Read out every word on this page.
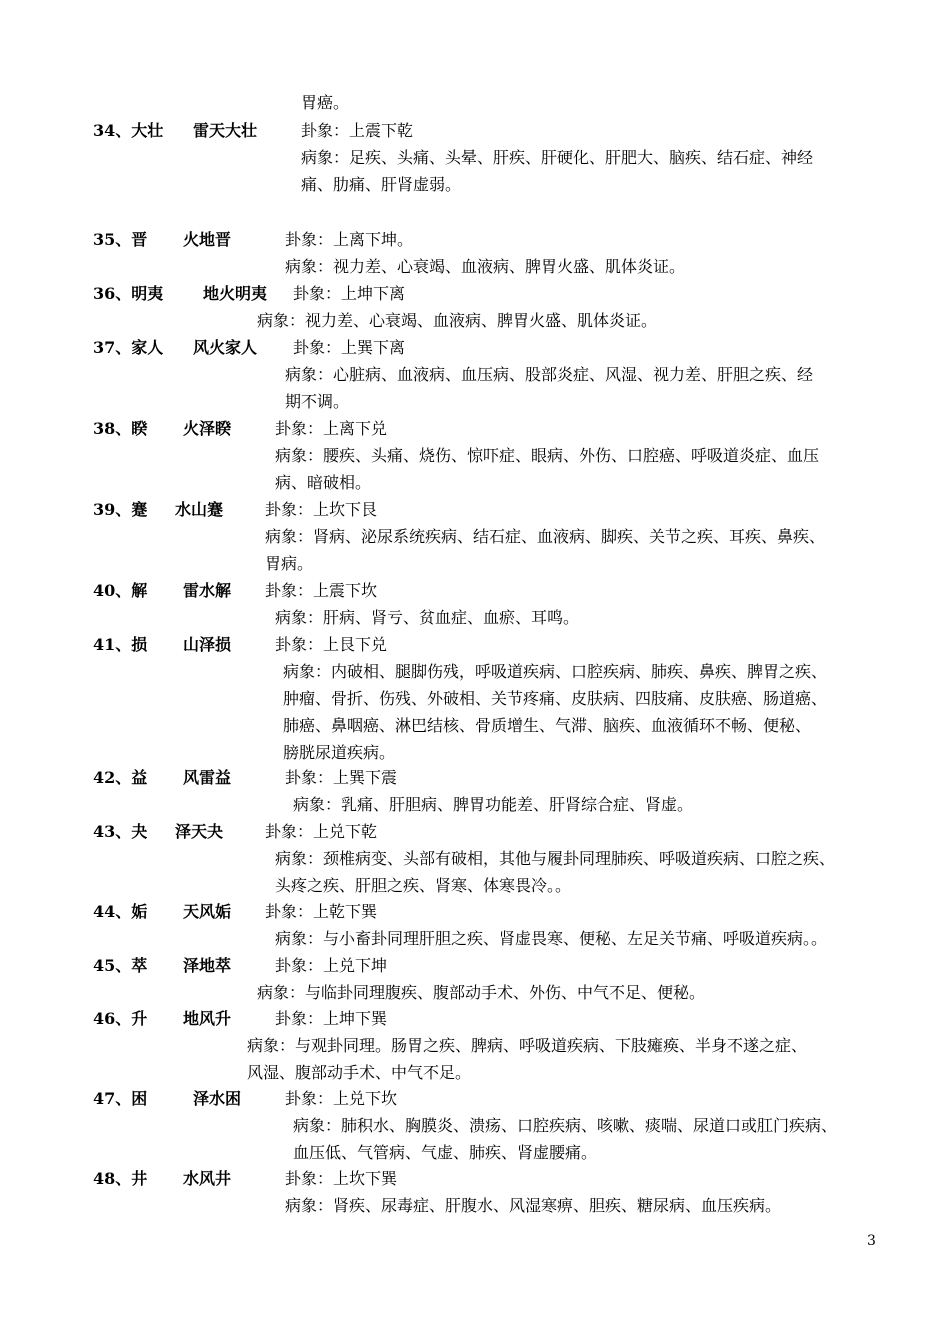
胃癌。
34、大壮 雷天大壮	卦象：上震下乾
病象：足疾、头痛、头晕、肝疾、肝硬化、肝肥大、脑疾、结石症、神经
痛、肋痛、肝肾虚弱。
35、晋 火地晋	卦象：上离下坤。
病象：视力差、心衰竭、血液病、脾胃火盛、肌体炎证。
36、明夷 地火明夷 卦象：上坤下离
病象：视力差、心衰竭、血液病、脾胃火盛、肌体炎证。
37、家人 风火家人 卦象：上巽下离
病象：心脏病、血液病、血压病、股部炎症、风湿、视力差、肝胆之疾、经
期不调。
38、睽 火泽睽	卦象：上离下兑
病象：腰疾、头痛、烧伤、惊吓症、眼病、外伤、口腔癌、呼吸道炎症、血压
病、暗破相。
39、蹇 水山蹇	卦象：上坎下艮
病象：肾病、泌尿系统疾病、结石症、血液病、脚疾、关节之疾、耳疾、鼻疾、
胃病。
40、解 雷水解 卦象：上震下坎
病象：肝病、肾亏、贫血症、血瘀、耳鸣。
41、损 山泽损	卦象：上艮下兑
病象：内破相、腿脚伤残，呼吸道疾病、口腔疾病、肺疾、鼻疾、脾胃之疾、
肿瘤、骨折、伤残、外破相、关节疼痛、皮肤病、四肢痛、皮肤癌、肠道癌、
肺癌、鼻咽癌、淋巴结核、骨质增生、气滞、脑疾、血液循环不畅、便秘、
膀胱尿道疾病。
42、益 风雷益	卦象：上巽下震
病象：乳痛、肝胆病、脾胃功能差、肝肾综合症、肾虚。
43、夬 泽天夬	卦象：上兑下乾
病象：颈椎病变、头部有破相，其他与履卦同理肺疾、呼吸道疾病、口腔之疾、
头疼之疾、肝胆之疾、肾寒、体寒畏冷。。
44、姤 天风姤 卦象：上乾下巽
病象：与小畜卦同理肝胆之疾、肾虚畏寒、便秘、左足关节痛、呼吸道疾病。。
45、萃 泽地萃	卦象：上兑下坤
病象：与临卦同理腹疾、腹部动手术、外伤、中气不足、便秘。
46、升 地风升	卦象：上坤下巽
病象：与观卦同理。肠胃之疾、脾病、呼吸道疾病、下肢瘫痪、半身不遂之症、
风湿、腹部动手术、中气不足。
47、困	泽水困	卦象：上兑下坎
病象：肺积水、胸膜炎、溃疡、口腔疾病、咳嗽、痰喘、尿道口或肛门疾病、
血压低、气管病、气虚、肺疾、肾虚腰痛。
48、井 水风井	卦象：上坎下巽
病象：肾疾、尿毒症、肝腹水、风湿寒痹、胆疾、糖尿病、血压疾病。
3
